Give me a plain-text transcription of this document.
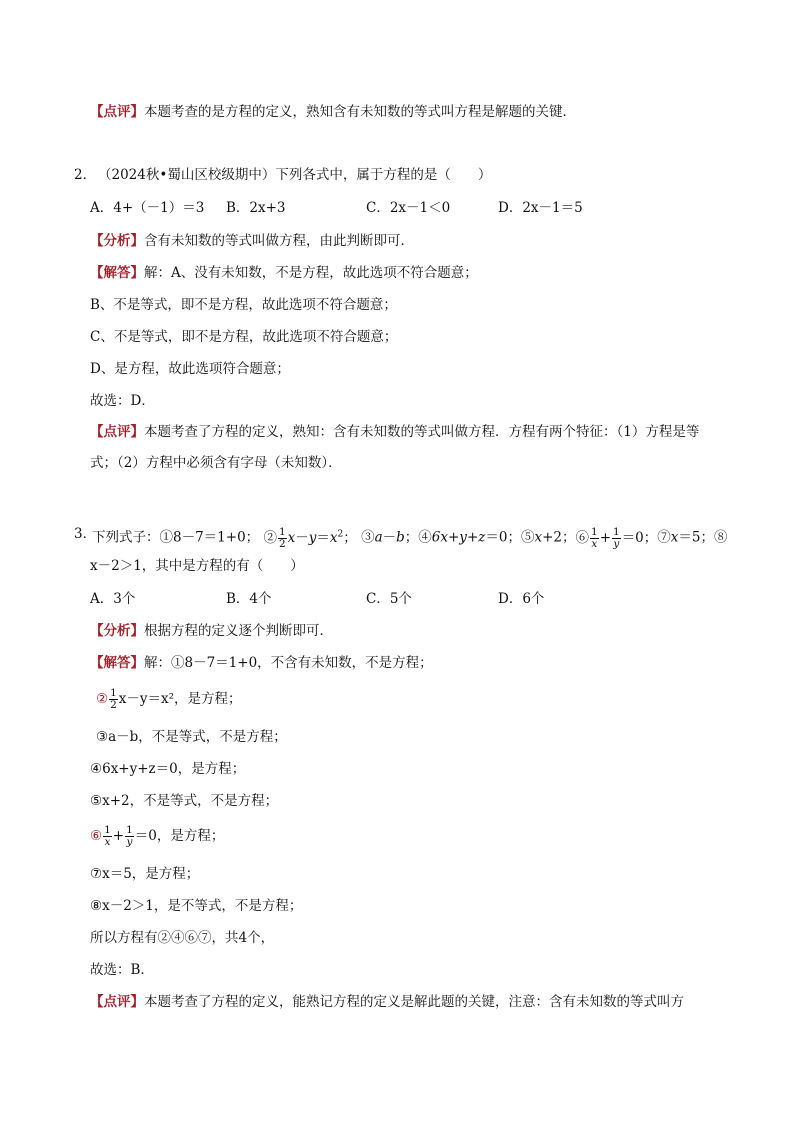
【点评】本题考查的是方程的定义，熟知含有未知数的等式叫方程是解题的关键．
2． （2024秋•蜀山区校级期中）下列各式中，属于方程的是（　　）
A．4+（－1）＝3	B．2x+3	C．2x－1＜0	D．2x－1＝5
【分析】含有未知数的等式叫做方程，由此判断即可．
【解答】解：A、没有未知数，不是方程，故此选项不符合题意；
B、不是等式，即不是方程，故此选项不符合题意；
C、不是等式，即不是方程，故此选项不符合题意；
D、是方程，故此选项符合题意；
故选：D．
【点评】本题考查了方程的定义，熟知：含有未知数的等式叫做方程．方程有两个特征：（1）方程是等
式；（2）方程中必须含有字母（未知数）．
3．
下列式子：①8－7＝1+0； ② $\frac{1}{2} x-y=x^2$； ③a－b；④6x+y+z＝0；⑤x+2；⑥ $\frac{1}{x} + \frac{1}{y} =0$；⑦x＝5；⑧
x－2＞1，其中是方程的有（　　）
A．3个	B．4个	C．5个	D．6个
【分析】根据方程的定义逐个判断即可．
【解答】解：①8－7＝1+0，不含有未知数，不是方程；
② $\frac{1}{2} x-y=x^2$，是方程；
③a－b，不是等式，不是方程；
④6x+y+z＝0，是方程；
⑤x+2，不是等式，不是方程；
⑥ $\frac{1}{x} + \frac{1}{y} =0$，是方程；
⑦x＝5，是方程；
⑧x－2＞1，是不等式，不是方程；
所以方程有②④⑥⑦，共4个，
故选：B．
【点评】本题考查了方程的定义，能熟记方程的定义是解此题的关键，注意：含有未知数的等式叫方
